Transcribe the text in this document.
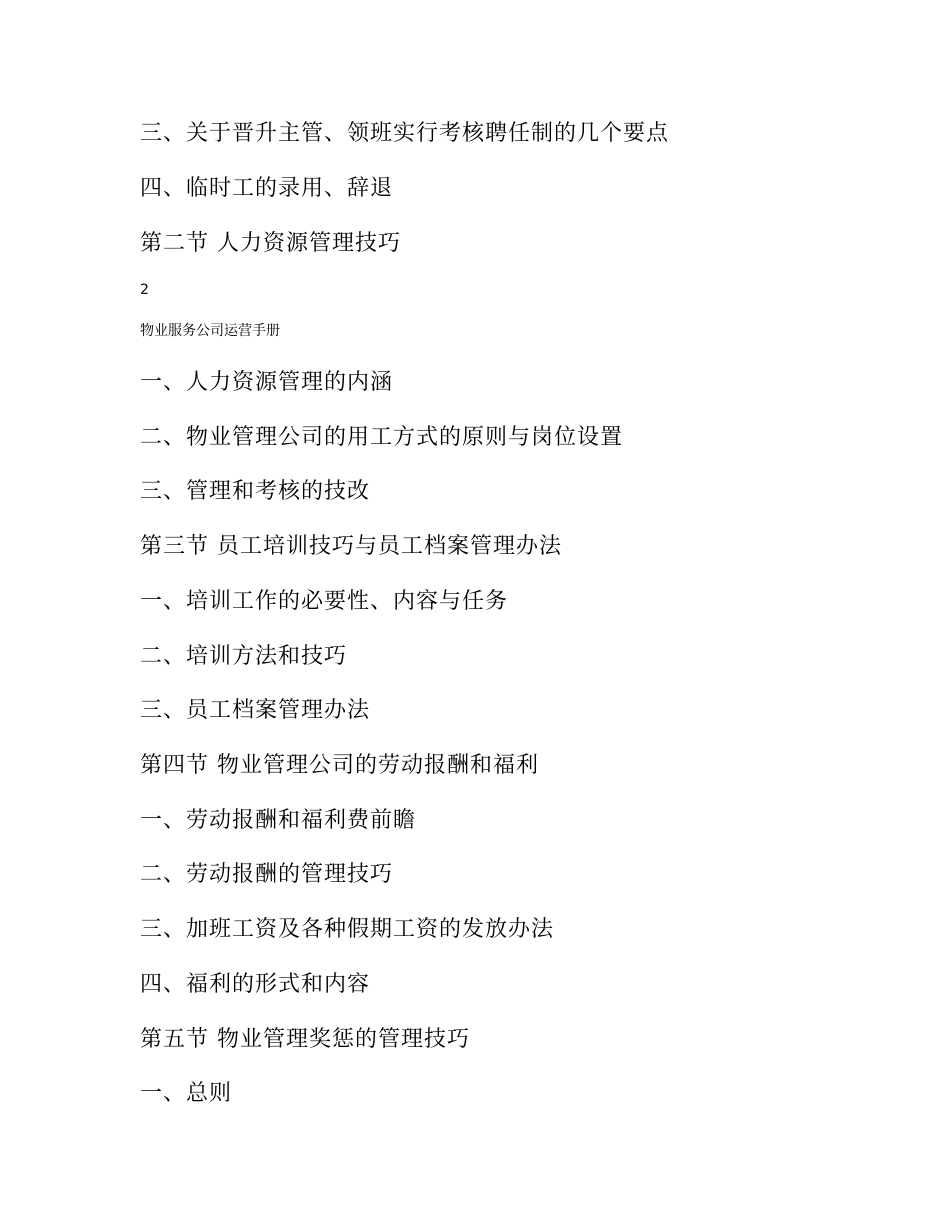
三、关于晋升主管、领班实行考核聘任制的几个要点
四、临时工的录用、辞退
第二节 人力资源管理技巧
2
物业服务公司运营手册
一、人力资源管理的内涵
二、物业管理公司的用工方式的原则与岗位设置
三、管理和考核的技改
第三节 员工培训技巧与员工档案管理办法
一、培训工作的必要性、内容与任务
二、培训方法和技巧
三、员工档案管理办法
第四节 物业管理公司的劳动报酬和福利
一、劳动报酬和福利费前瞻
二、劳动报酬的管理技巧
三、加班工资及各种假期工资的发放办法
四、福利的形式和内容
第五节 物业管理奖惩的管理技巧
一、总则
